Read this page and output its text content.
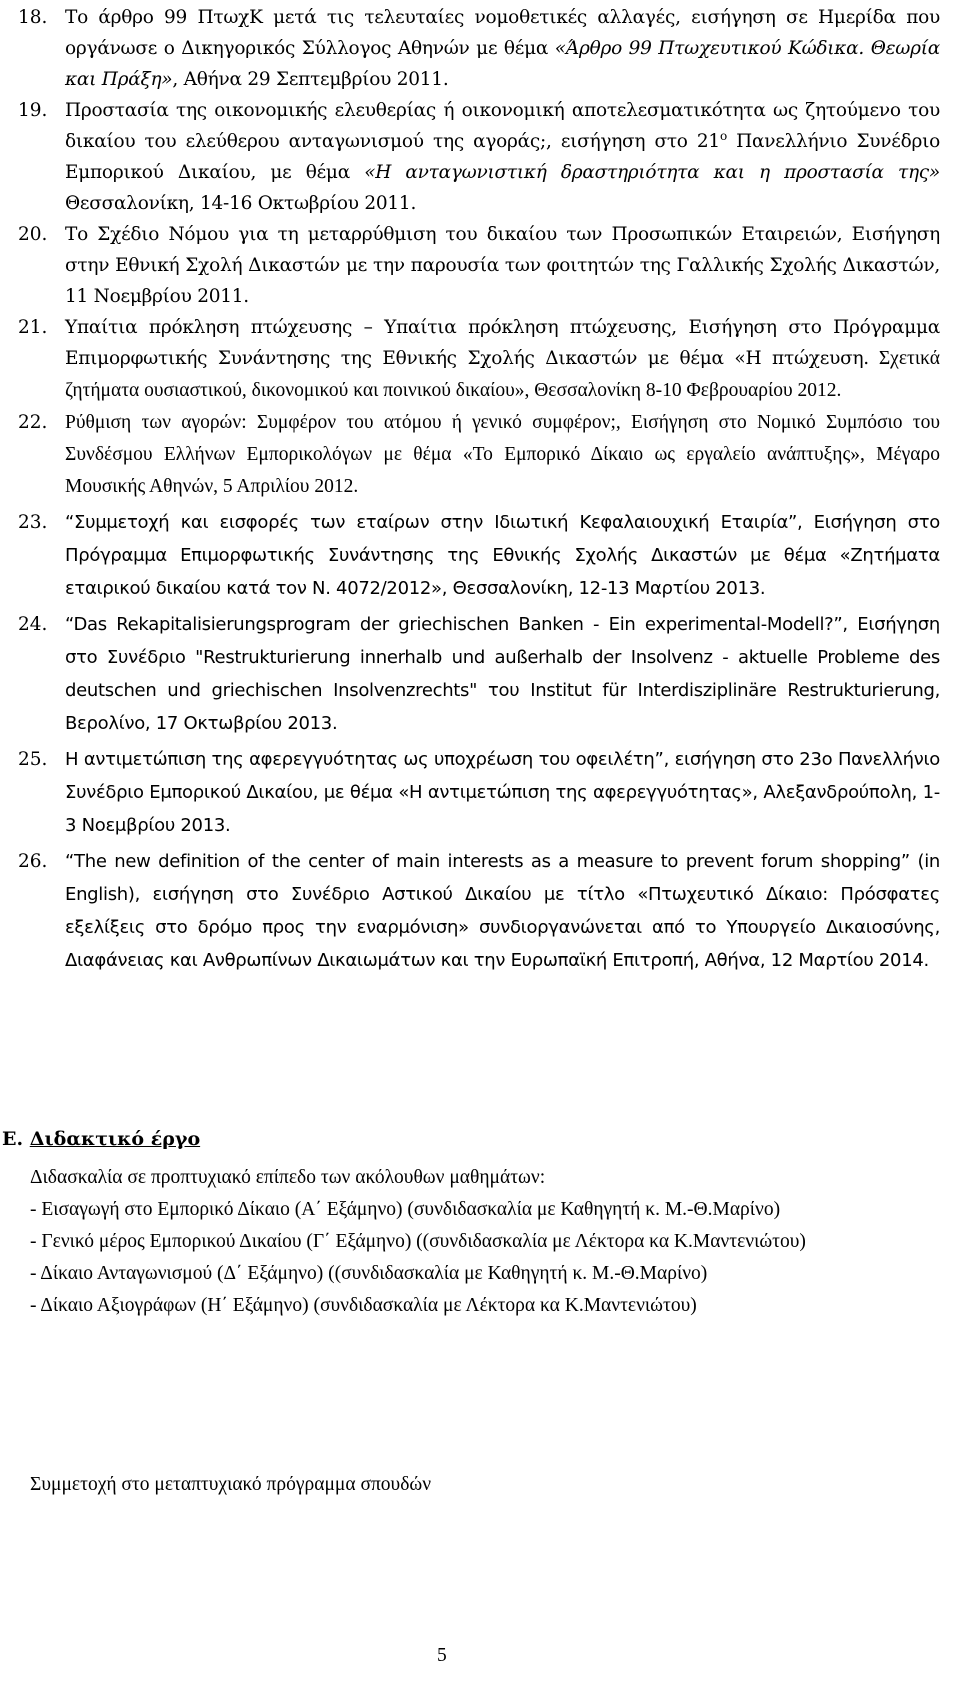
18. Το άρθρο 99 ΠτωχΚ μετά τις τελευταίες νομοθετικές αλλαγές, εισήγηση σε Ημερίδα που οργάνωσε ο Δικηγορικός Σύλλογος Αθηνών με θέμα «Άρθρο 99 Πτωχευτικού Κώδικα. Θεωρία και Πράξη», Αθήνα 29 Σεπτεμβρίου 2011.
19. Προστασία της οικονομικής ελευθερίας ή οικονομική αποτελεσματικότητα ως ζητούμενο του δικαίου του ελεύθερου ανταγωνισμού της αγοράς;, εισήγηση στο $21^o$ Πανελλήνιο Συνέδριο Εμπορικού Δικαίου, με θέμα «Η ανταγωνιστική δραστηριότητα και η προστασία της» Θεσσαλονίκη, 14-16 Οκτωβρίου 2011.
20. Το Σχέδιο Νόμου για τη μεταρρύθμιση του δικαίου των Προσωπικών Εταιρειών, Εισήγηση στην Εθνική Σχολή Δικαστών με την παρουσία των φοιτητών της Γαλλικής Σχολής Δικαστών, 11 Νοεμβρίου 2011.
21. Υπαίτια πρόκληση πτώχευσης – Υπαίτια πρόκληση πτώχευσης, Εισήγηση στο Πρόγραμμα Επιμορφωτικής Συνάντησης της Εθνικής Σχολής Δικαστών με θέμα «Η πτώχευση. Σχετικά ζητήματα ουσιαστικού, δικονομικού και ποινικού δικαίου», Θεσσαλονίκη 8-10 Φεβρουαρίου 2012.
22. Ρύθμιση των αγορών: Συμφέρον του ατόμου ή γενικό συμφέρον;, Εισήγηση στο Νομικό Συμπόσιο του Συνδέσμου Ελλήνων Εμπορικολόγων με θέμα «Το Εμπορικό Δίκαιο ως εργαλείο ανάπτυξης», Μέγαρο Μουσικής Αθηνών, 5 Απριλίου 2012.
23. “Συμμετοχή και εισφορές των εταίρων στην Ιδιωτική Κεφαλαιουχική Εταιρία”, Εισήγηση στο Πρόγραμμα Επιμορφωτικής Συνάντησης της Εθνικής Σχολής Δικαστών με θέμα «Ζητήματα εταιρικού δικαίου κατά τον Ν. 4072/2012», Θεσσαλονίκη, 12-13 Μαρτίου 2013.
24. “Das Rekapitalisierungsprogram der griechischen Banken - Ein experimental-Modell?”, Εισήγηση στο Συνέδριο "Restrukturierung innerhalb und außerhalb der Insolvenz - aktuelle Probleme des deutschen und griechischen Insolvenzrechts" του Institut für Interdisziplinäre Restrukturierung, Βερολίνο, 17 Οκτωβρίου 2013.
25. Η αντιμετώπιση της αφερεγγυότητας ως υποχρέωση του οφειλέτη”, εισήγηση στο 23ο Πανελλήνιο Συνέδριο Εμπορικού Δικαίου, με θέμα «Η αντιμετώπιση της αφερεγγυότητας», Αλεξανδρούπολη, 1-3 Νοεμβρίου 2013.
26. “The new definition of the center of main interests as a measure to prevent forum shopping” (in English), εισήγηση στο Συνέδριο Αστικού Δικαίου με τίτλο «Πτωχευτικό Δίκαιο: Πρόσφατες εξελίξεις στο δρόμο προς την εναρμόνιση» συνδιοργανώνεται από το Υπουργείο Δικαιοσύνης, Διαφάνειας και Ανθρωπίνων Δικαιωμάτων και την Ευρωπαϊκή Επιτροπή, Αθήνα, 12 Μαρτίου 2014.
Ε. Διδακτικό έργο

Διδασκαλία σε προπτυχιακό επίπεδο των ακόλουθων μαθημάτων:

- Εισαγωγή στο Εμπορικό Δίκαιο (Α΄ Εξάμηνο) (συνδιδασκαλία με Καθηγητή κ. Μ.-Θ.Μαρίνο)

- Γενικό μέρος Εμπορικού Δικαίου (Γ΄ Εξάμηνο) ((συνδιδασκαλία με Λέκτορα κα Κ.Μαντενιώτου)

- Δίκαιο Ανταγωνισμού (Δ΄ Εξάμηνο) ((συνδιδασκαλία με Καθηγητή κ. Μ.-Θ.Μαρίνο)

- Δίκαιο Αξιογράφων (Η΄ Εξάμηνο) (συνδιδασκαλία με Λέκτορα κα Κ.Μαντενιώτου)

Συμμετοχή στο μεταπτυχιακό πρόγραμμα σπουδών
5
